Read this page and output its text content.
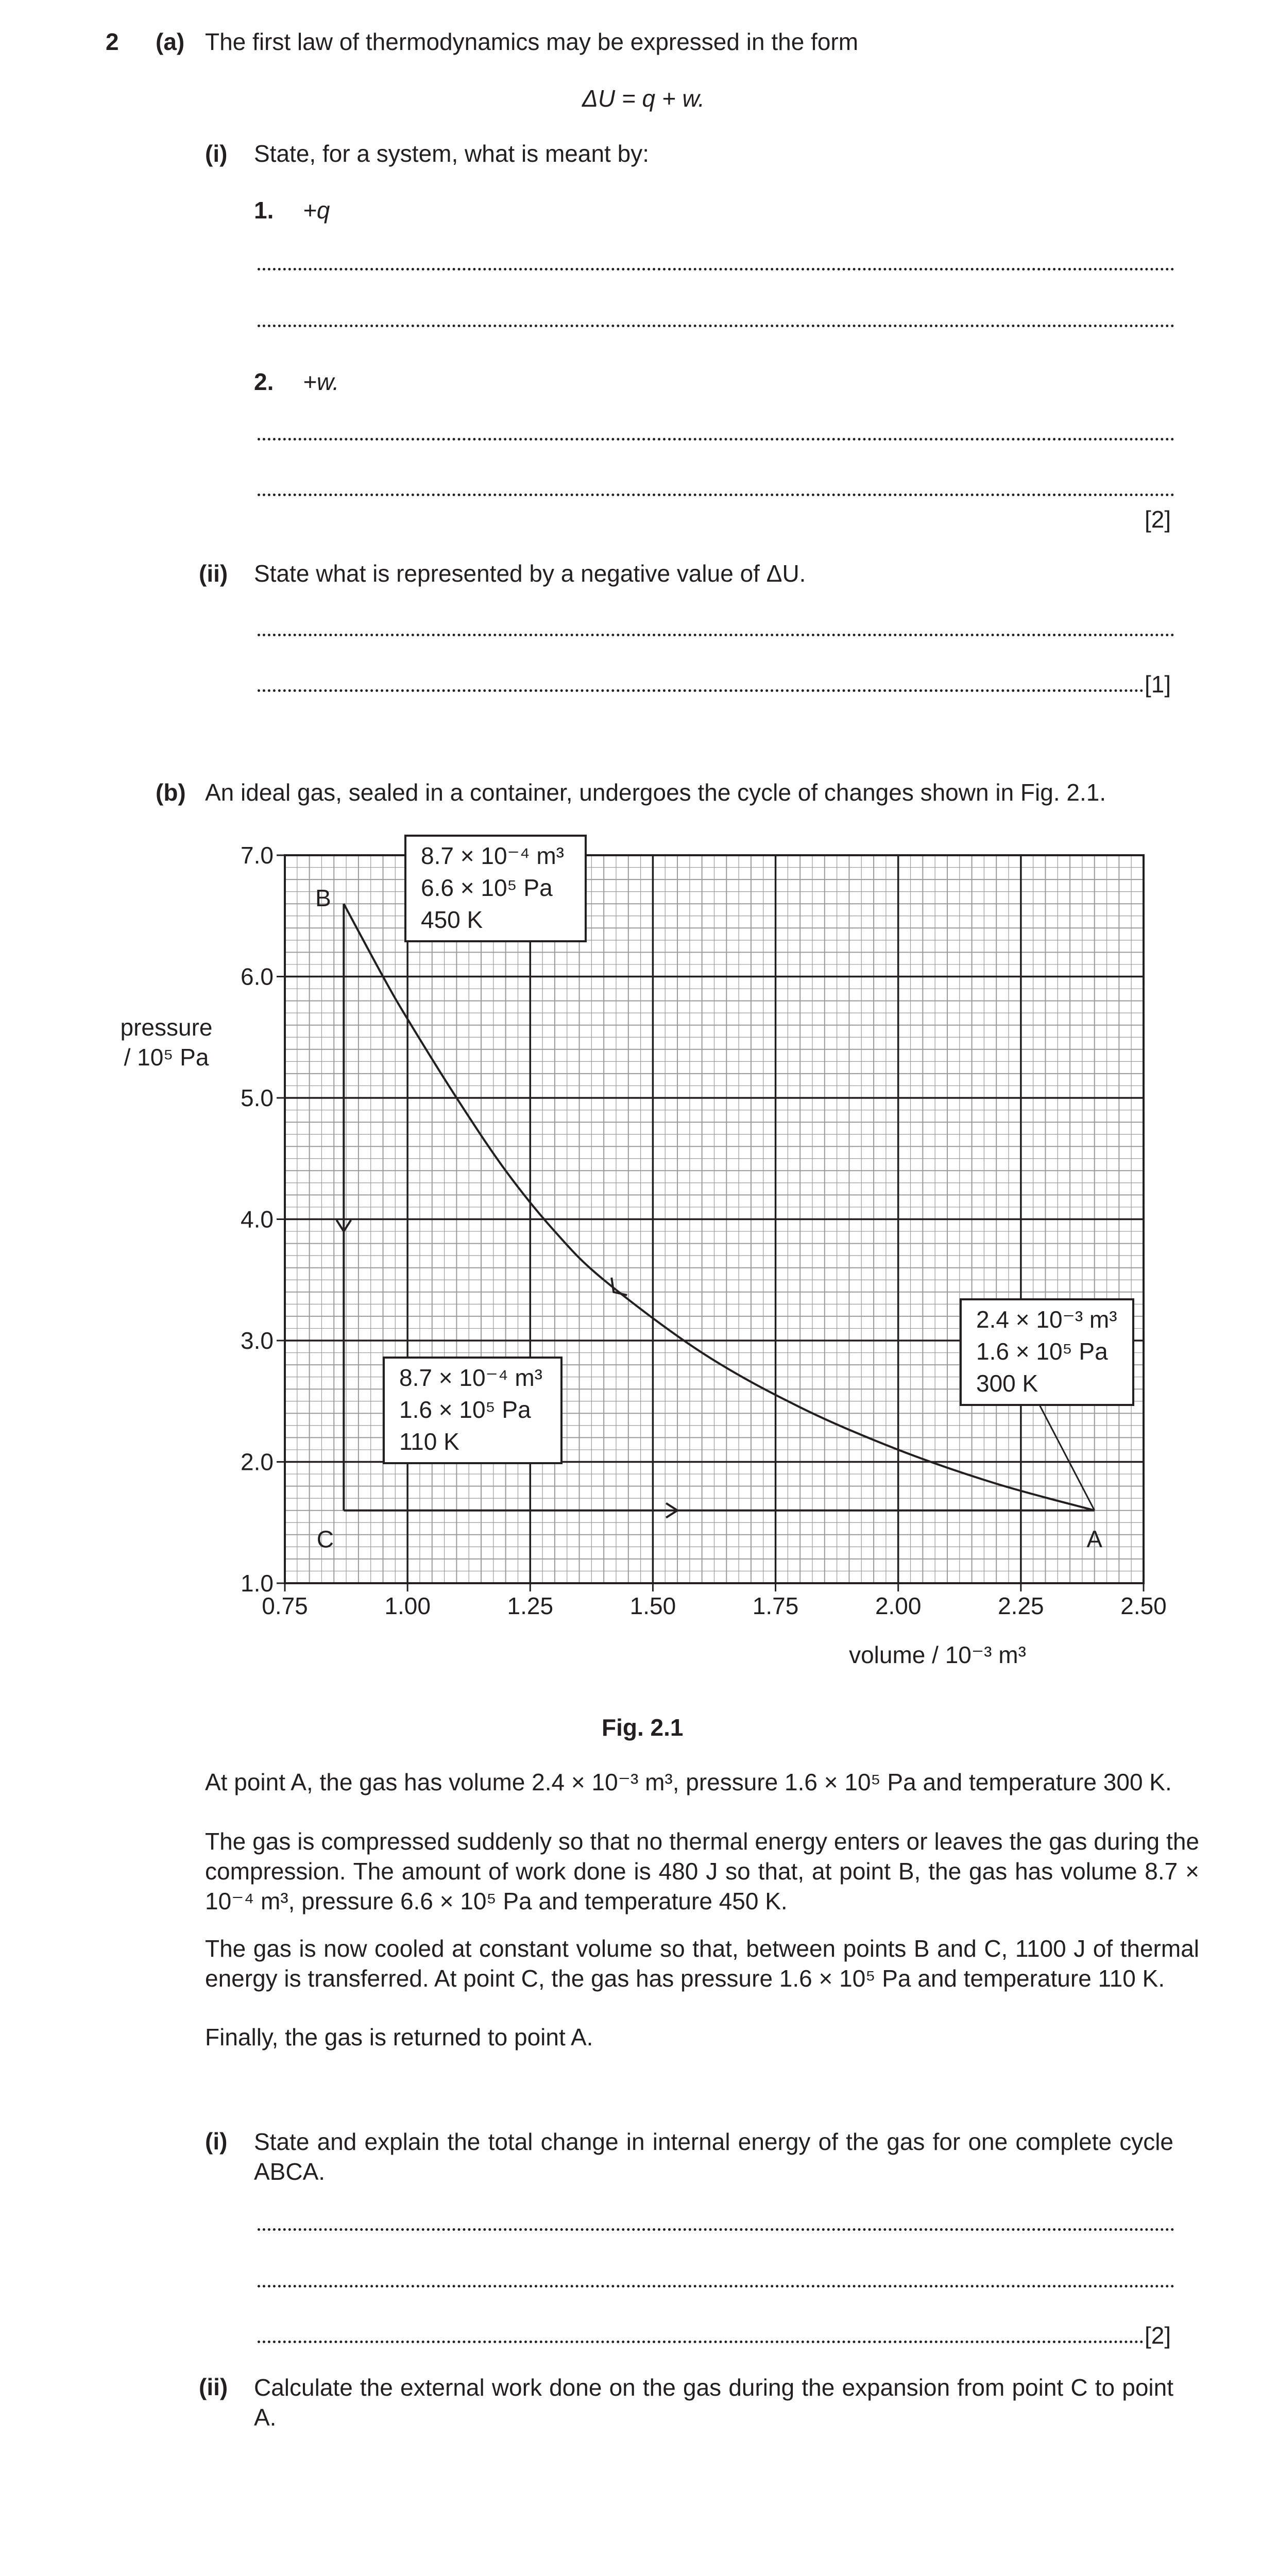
2 (a) The first law of thermodynamics may be expressed in the form
ΔU = q + w.
(i) State, for a system, what is meant by:
1. +q
2. +w.
[2]
(ii) State what is represented by a negative value of ΔU.
[1]
(b) An ideal gas, sealed in a container, undergoes the cycle of changes shown in Fig. 2.1.
0.75	1.00	1.25	1.50	1.75	2.00	2.25	2.50
1.0
2.0
3.0
4.0
5.0
6.0
7.0
pressure
/ 10⁵ Pa
volume / 10⁻³ m³
B
C	A
8.7 × 10⁻⁴ m³
6.6 × 10⁵ Pa
450 K
8.7 × 10⁻⁴ m³
1.6 × 10⁵ Pa
110 K
2.4 × 10⁻³ m³
1.6 × 10⁵ Pa
300 K
Fig. 2.1
At point A, the gas has volume 2.4 × 10⁻³ m³, pressure 1.6 × 10⁵ Pa and temperature 300 K.
The gas is compressed suddenly so that no thermal energy enters or leaves the gas during the compression. The amount of work done is 480 J so that, at point B, the gas has volume 8.7 × 10⁻⁴ m³, pressure 6.6 × 10⁵ Pa and temperature 450 K.
The gas is now cooled at constant volume so that, between points B and C, 1100 J of thermal energy is transferred. At point C, the gas has pressure 1.6 × 10⁵ Pa and temperature 110 K.
Finally, the gas is returned to point A.
(i) State and explain the total change in internal energy of the gas for one complete cycle ABCA.
[2]
(ii) Calculate the external work done on the gas during the expansion from point C to point A.
